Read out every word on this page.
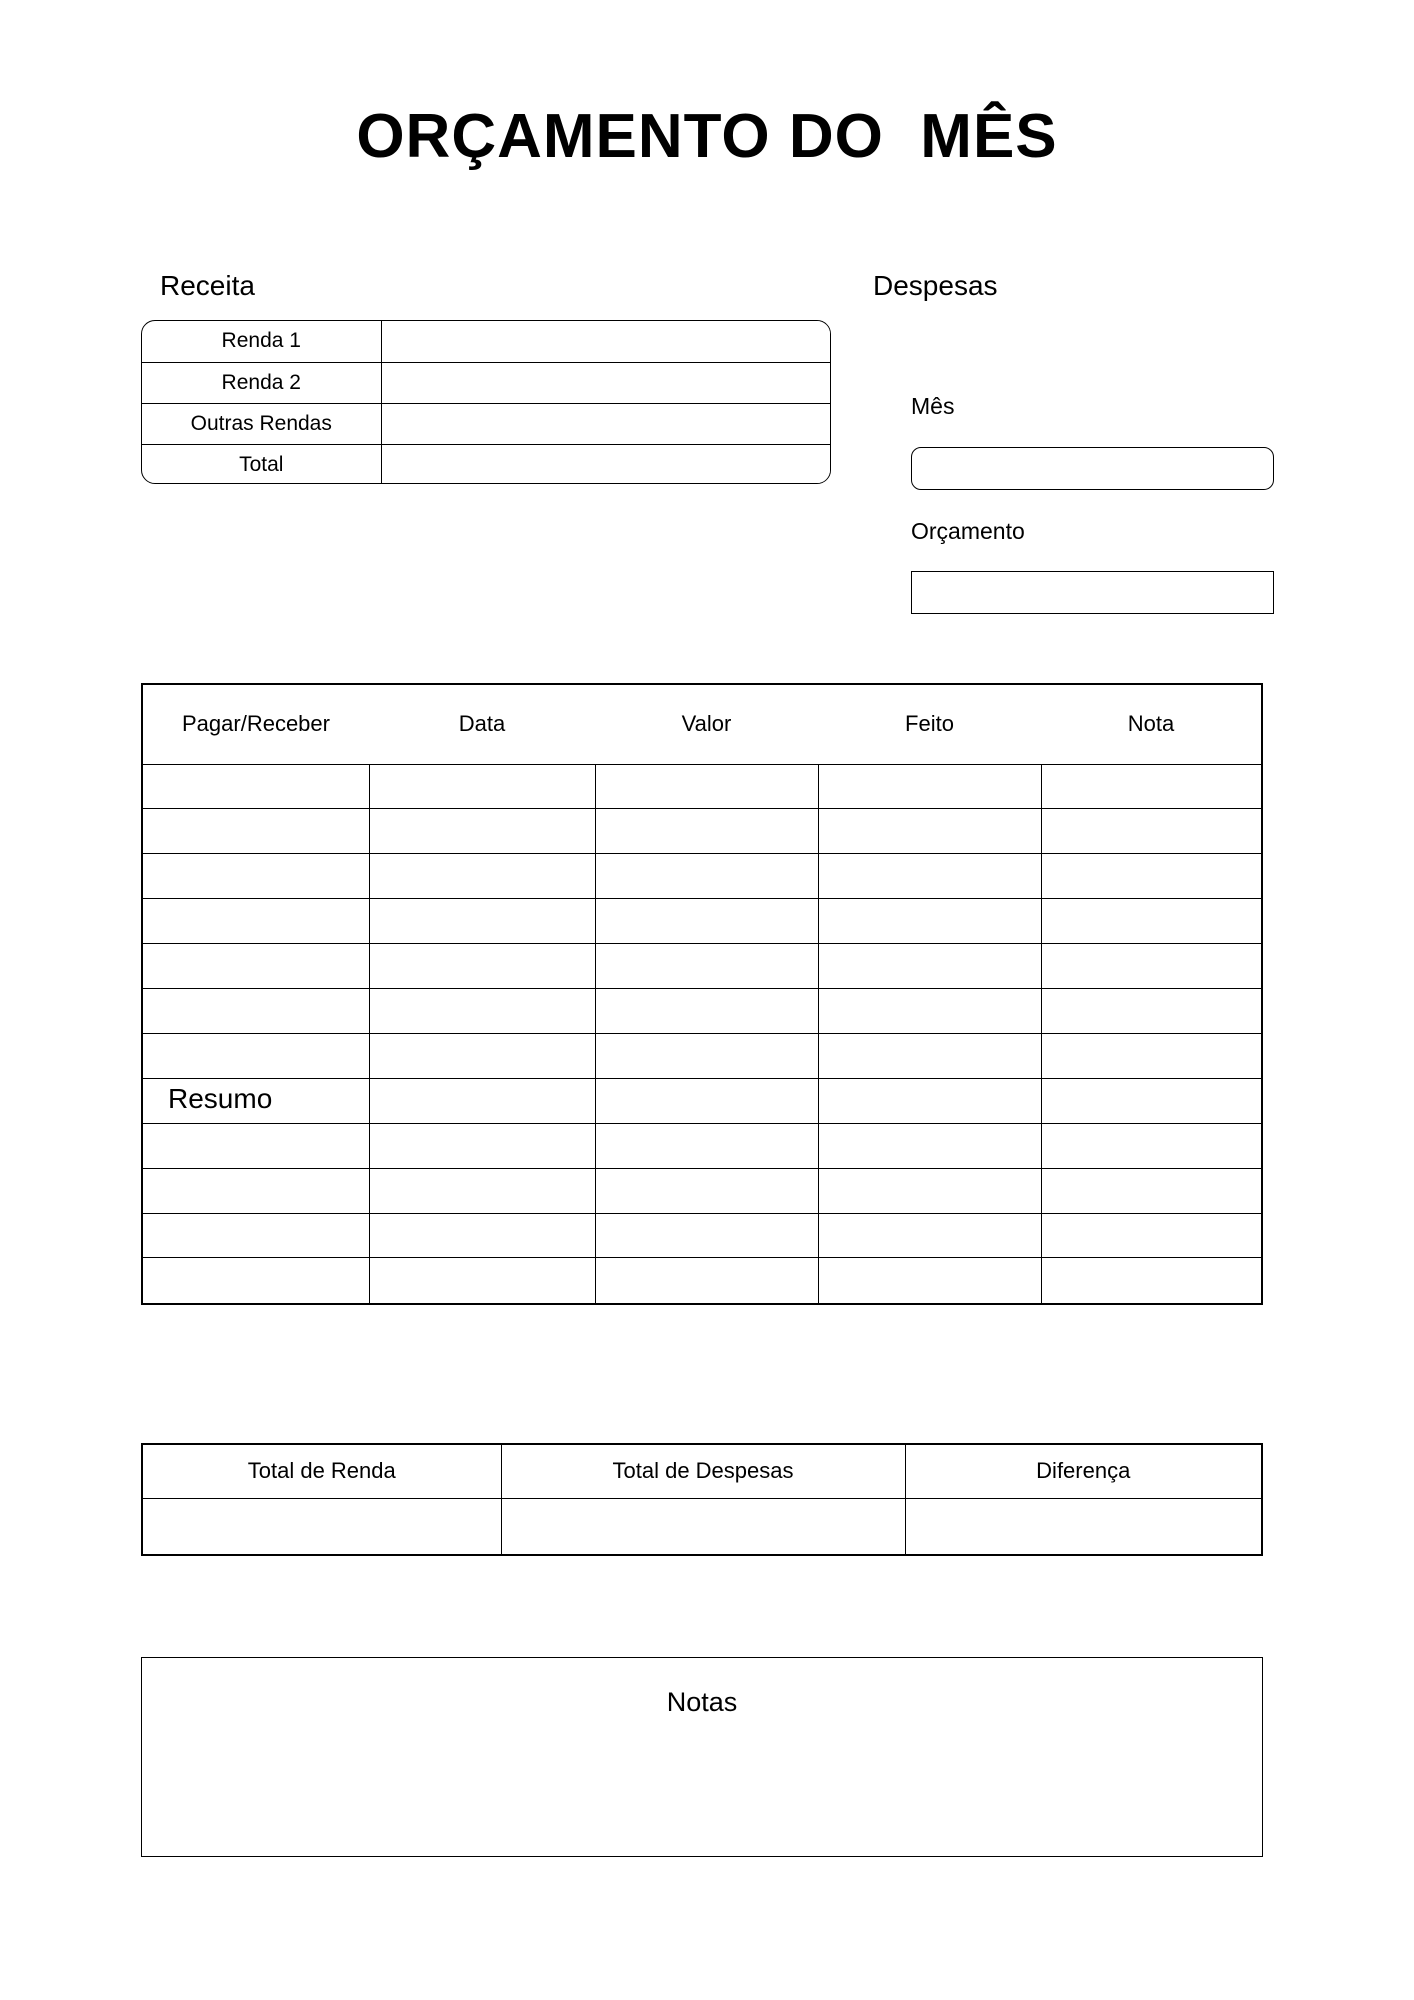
ORÇAMENTO DO  MÊS
Receita
Renda 1	
Renda 2	
Outras Rendas	
Total	
Despesas
Mês
Orçamento
Pagar/Receber	Data	Valor	Feito	Nota

Resumo
Total de Renda	Total de Despesas	Diferença

Notas
